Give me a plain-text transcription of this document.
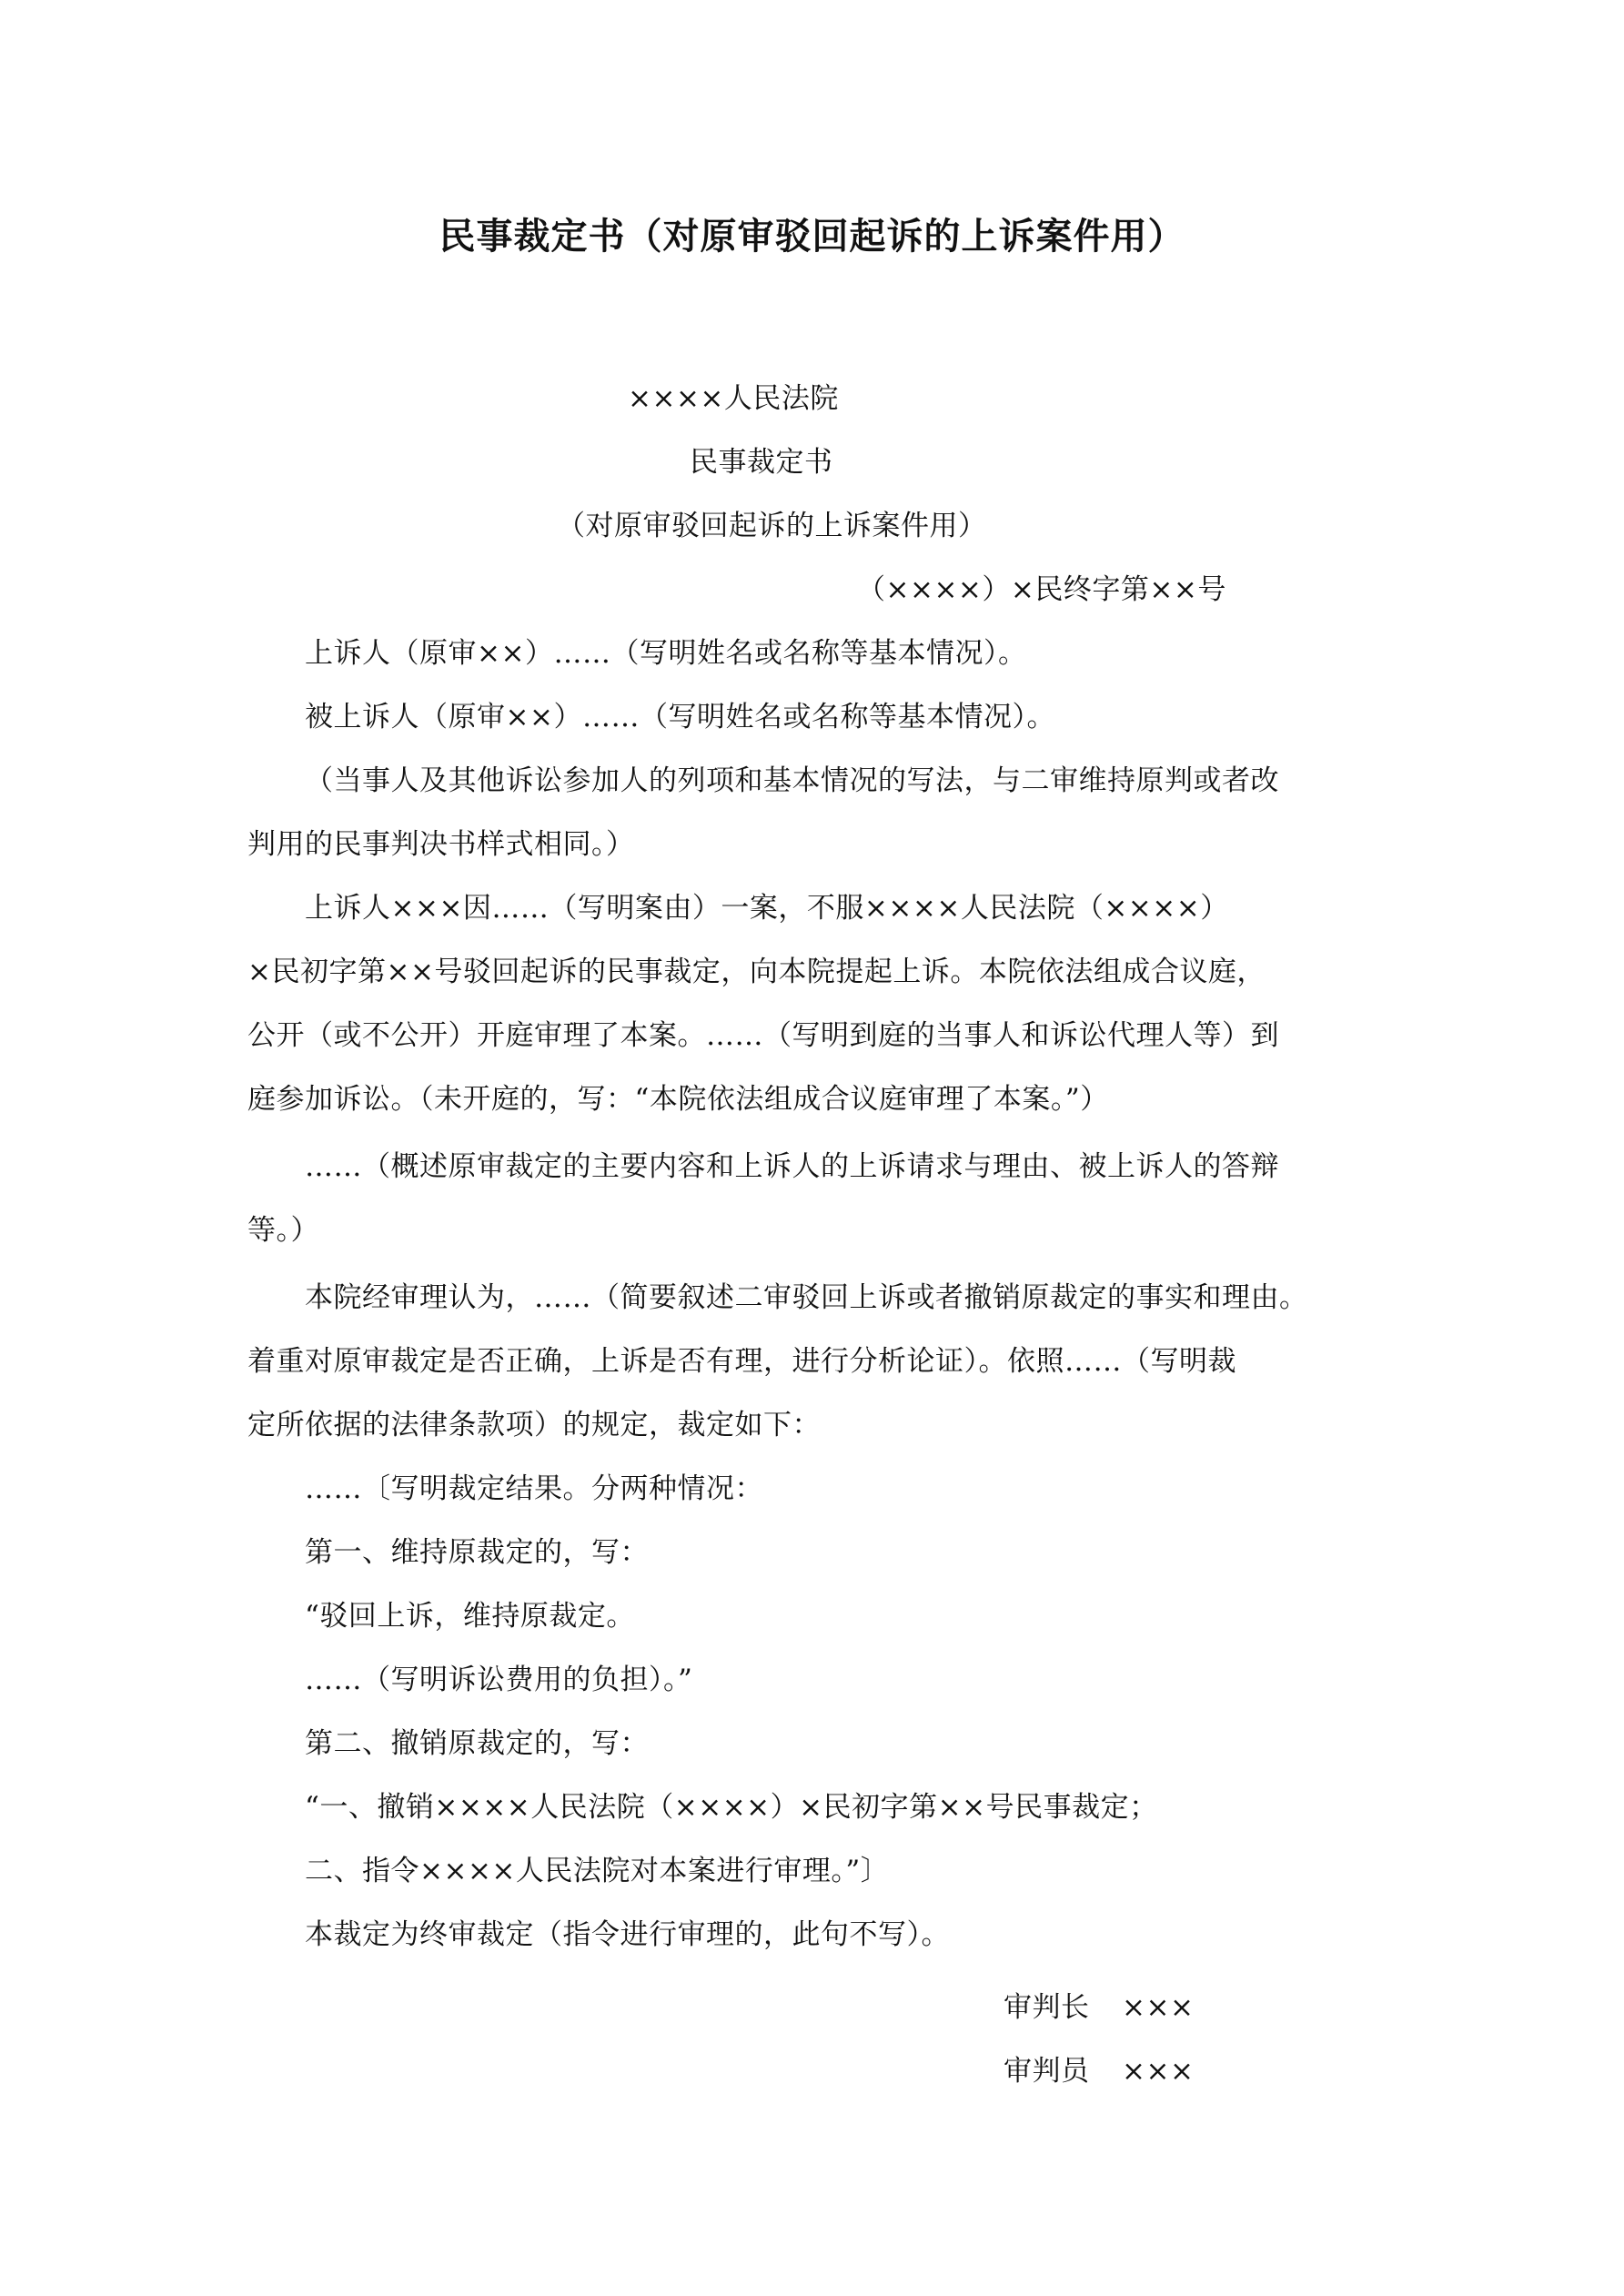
民事裁定书（对原审驳回起诉的上诉案件用）
××××人民法院
民事裁定书
（对原审驳回起诉的上诉案件用）
（××××）×民终字第××号
上诉人（原审××）……（写明姓名或名称等基本情况）。
被上诉人（原审××）……（写明姓名或名称等基本情况）。
（当事人及其他诉讼参加人的列项和基本情况的写法，与二审维持原判或者改
判用的民事判决书样式相同。）
上诉人×××因……（写明案由）一案，不服××××人民法院（××××）
×民初字第××号驳回起诉的民事裁定，向本院提起上诉。本院依法组成合议庭，
公开（或不公开）开庭审理了本案。……（写明到庭的当事人和诉讼代理人等）到
庭参加诉讼。（未开庭的，写：“本院依法组成合议庭审理了本案。”）
……（概述原审裁定的主要内容和上诉人的上诉请求与理由、被上诉人的答辩
等。）
本院经审理认为，……（简要叙述二审驳回上诉或者撤销原裁定的事实和理由。
着重对原审裁定是否正确，上诉是否有理，进行分析论证）。依照……（写明裁
定所依据的法律条款项）的规定，裁定如下：
……〔写明裁定结果。分两种情况：
第一、维持原裁定的，写：
“驳回上诉，维持原裁定。
……（写明诉讼费用的负担）。”
第二、撤销原裁定的，写：
“一、撤销××××人民法院（××××）×民初字第××号民事裁定；
二、指令××××人民法院对本案进行审理。”〕
本裁定为终审裁定（指令进行审理的，此句不写）。
审判长 ×××
审判员 ×××
